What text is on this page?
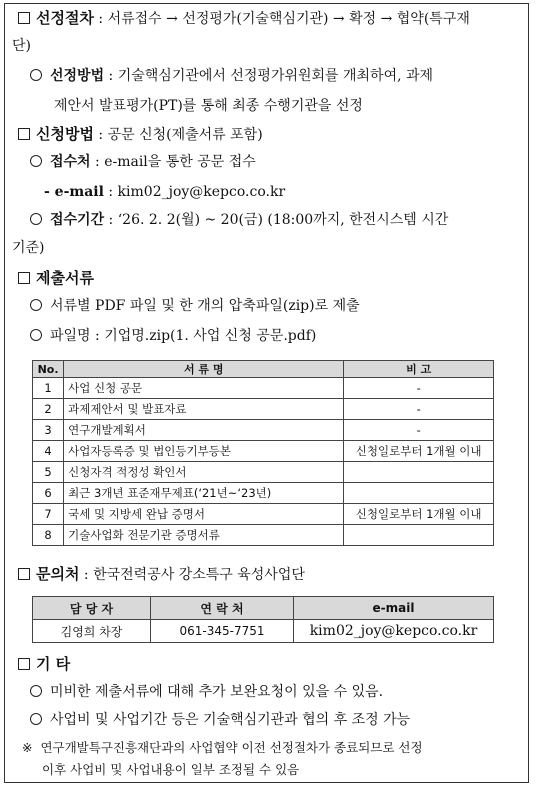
선정절차 : 서류접수 → 선정평가(기술핵심기관) → 확정 → 협약(특구재
단)
선정방법 : 기술핵심기관에서 선정평가위원회를 개최하여, 과제
제안서 발표평가(PT)를 통해 최종 수행기관을 선정
신청방법 : 공문 신청(제출서류 포함)
접수처 : e-mail을 통한 공문 접수
- e-mail : kim02_joy@kepco.co.kr
접수기간 : ‘26. 2. 2(월) ~ 20(금) (18:00까지, 한전시스템 시간
기준)
제출서류
서류별 PDF 파일 및 한 개의 압축파일(zip)로 제출
파일명 : 기업명.zip(1. 사업 신청 공문.pdf)
No.	서 류 명	비 고
1	사업 신청 공문	-
2	과제제안서 및 발표자료	-
3	연구개발계획서	-
4	사업자등록증 및 법인등기부등본	신청일로부터 1개월 이내
5	신청자격 적정성 확인서	
6	최근 3개년 표준재무제표(‘21년~‘23년)	
7	국세 및 지방세 완납 증명서	신청일로부터 1개월 이내
8	기술사업화 전문기관 증명서류	
문의처 : 한국전력공사 강소특구 육성사업단
담 당 자	연 락 처	e-mail
김영희 차장	061-345-7751	kim02_joy@kepco.co.kr
기 타
미비한 제출서류에 대해 추가 보완요청이 있을 수 있음.
사업비 및 사업기간 등은 기술핵심기관과 협의 후 조정 가능
※ 연구개발특구진흥재단과의 사업협약 이전 선정절차가 종료되므로 선정
이후 사업비 및 사업내용이 일부 조정될 수 있음
